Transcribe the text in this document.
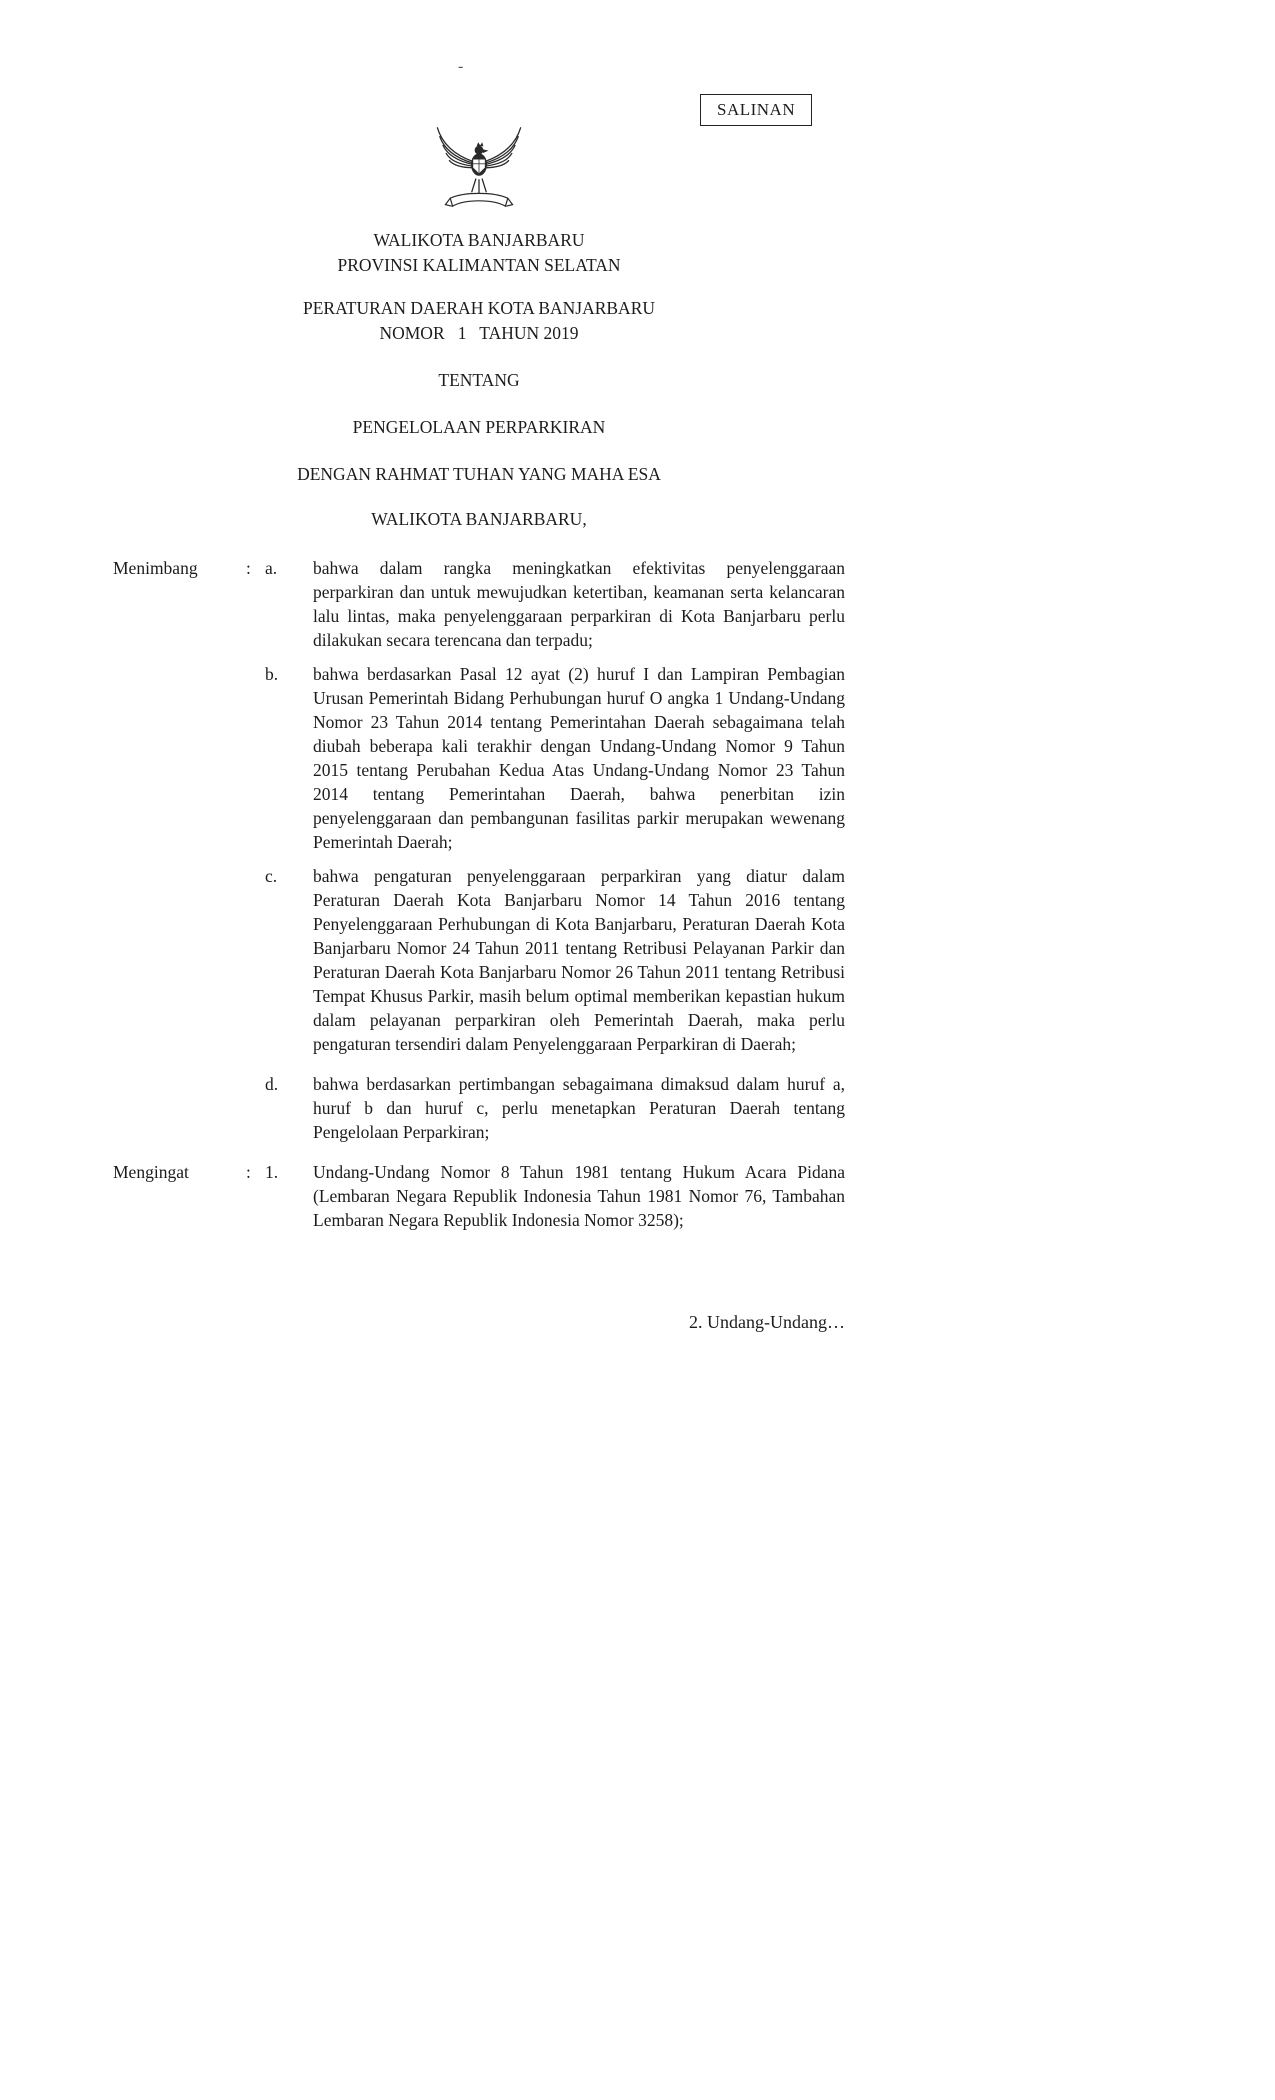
-
SALINAN
WALIKOTA BANJARBARU
PROVINSI KALIMANTAN SELATAN
PERATURAN DAERAH KOTA BANJARBARU
NOMOR   1   TAHUN 2019
TENTANG
PENGELOLAAN PERPARKIRAN
DENGAN RAHMAT TUHAN YANG MAHA ESA
WALIKOTA BANJARBARU,
Menimbang	: a.	bahwa dalam rangka meningkatkan efektivitas penyelenggaraan perparkiran dan untuk mewujudkan ketertiban, keamanan serta kelancaran lalu lintas, maka penyelenggaraan perparkiran di Kota Banjarbaru perlu dilakukan secara terencana dan terpadu;
b.	bahwa berdasarkan Pasal 12 ayat (2) huruf I dan Lampiran Pembagian Urusan Pemerintah Bidang Perhubungan huruf O angka 1 Undang-Undang Nomor 23 Tahun 2014 tentang Pemerintahan Daerah sebagaimana telah diubah beberapa kali terakhir dengan Undang-Undang Nomor 9 Tahun 2015 tentang Perubahan Kedua Atas Undang-Undang Nomor 23 Tahun 2014 tentang Pemerintahan Daerah, bahwa penerbitan izin penyelenggaraan dan pembangunan fasilitas parkir merupakan wewenang Pemerintah Daerah;
c.	bahwa pengaturan penyelenggaraan perparkiran yang diatur dalam Peraturan Daerah Kota Banjarbaru Nomor 14 Tahun 2016 tentang Penyelenggaraan Perhubungan di Kota Banjarbaru, Peraturan Daerah Kota Banjarbaru Nomor 24 Tahun 2011 tentang Retribusi Pelayanan Parkir dan Peraturan Daerah Kota Banjarbaru Nomor 26 Tahun 2011 tentang Retribusi Tempat Khusus Parkir, masih belum optimal memberikan kepastian hukum dalam pelayanan perparkiran oleh Pemerintah Daerah, maka perlu pengaturan tersendiri dalam Penyelenggaraan Perparkiran di Daerah;
d.	bahwa berdasarkan pertimbangan sebagaimana dimaksud dalam huruf a, huruf b dan huruf c, perlu menetapkan Peraturan Daerah tentang Pengelolaan Perparkiran;
Mengingat	: 1.	Undang-Undang Nomor 8 Tahun 1981 tentang Hukum Acara Pidana (Lembaran Negara Republik Indonesia Tahun 1981 Nomor 76, Tambahan Lembaran Negara Republik Indonesia Nomor 3258);
2. Undang-Undang…
